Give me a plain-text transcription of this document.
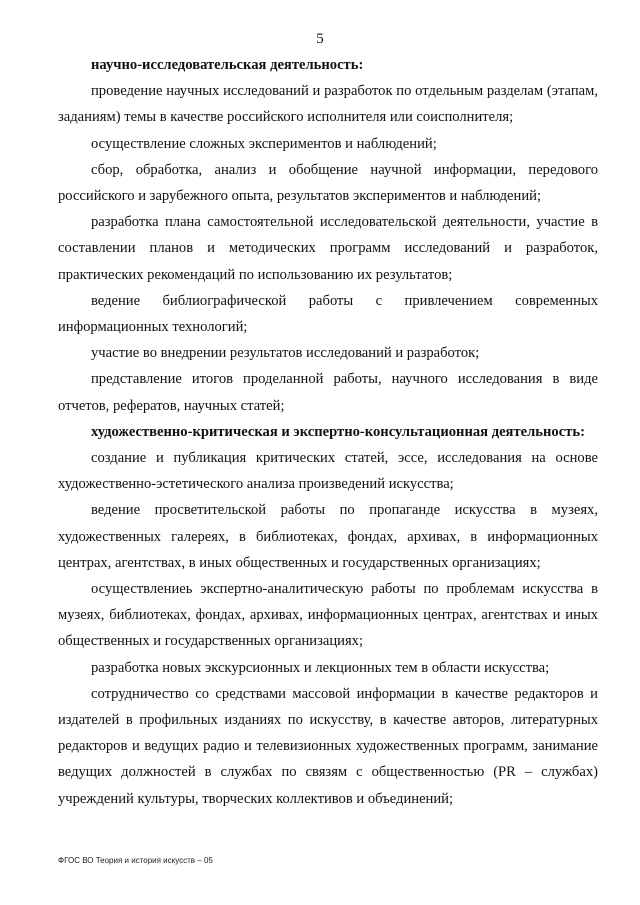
5

научно-исследовательская деятельность:

проведение научных исследований и разработок по отдельным разделам (этапам, заданиям) темы в качестве российского исполнителя или соисполнителя;

осуществление сложных экспериментов и наблюдений;

сбор, обработка, анализ и обобщение научной информации, передового российского и зарубежного опыта, результатов экспериментов и наблюдений;

разработка плана самостоятельной исследовательской деятельности, участие в составлении планов и методических программ исследований и разработок, практических рекомендаций по использованию их результатов;

ведение библиографической работы с привлечением современных информационных технологий;

участие во внедрении результатов исследований и разработок;

представление итогов проделанной работы, научного исследования в виде отчетов, рефератов, научных статей;

художественно-критическая и экспертно-консультационная деятельность:

создание и публикация критических статей, эссе, исследования на основе художественно-эстетического анализа произведений искусства;

ведение просветительской работы по пропаганде искусства в музеях, художественных галереях, в библиотеках, фондах, архивах, в информационных центрах, агентствах, в иных общественных и государственных организациях;

осуществлениеь экспертно-аналитическую работы по проблемам искусства в музеях, библиотеках, фондах, архивах, информационных центрах, агентствах и иных общественных и государственных организациях;

разработка новых экскурсионных и лекционных тем в области искусства;

сотрудничество со средствами массовой информации в качестве редакторов и издателей в профильных изданиях по искусству, в качестве авторов, литературных редакторов и ведущих радио и телевизионных художественных программ, занимание ведущих должностей в службах по связям с общественностью (PR – службах) учреждений культуры, творческих коллективов и объединений;

ФГОС ВО Теория и история искусств – 05
